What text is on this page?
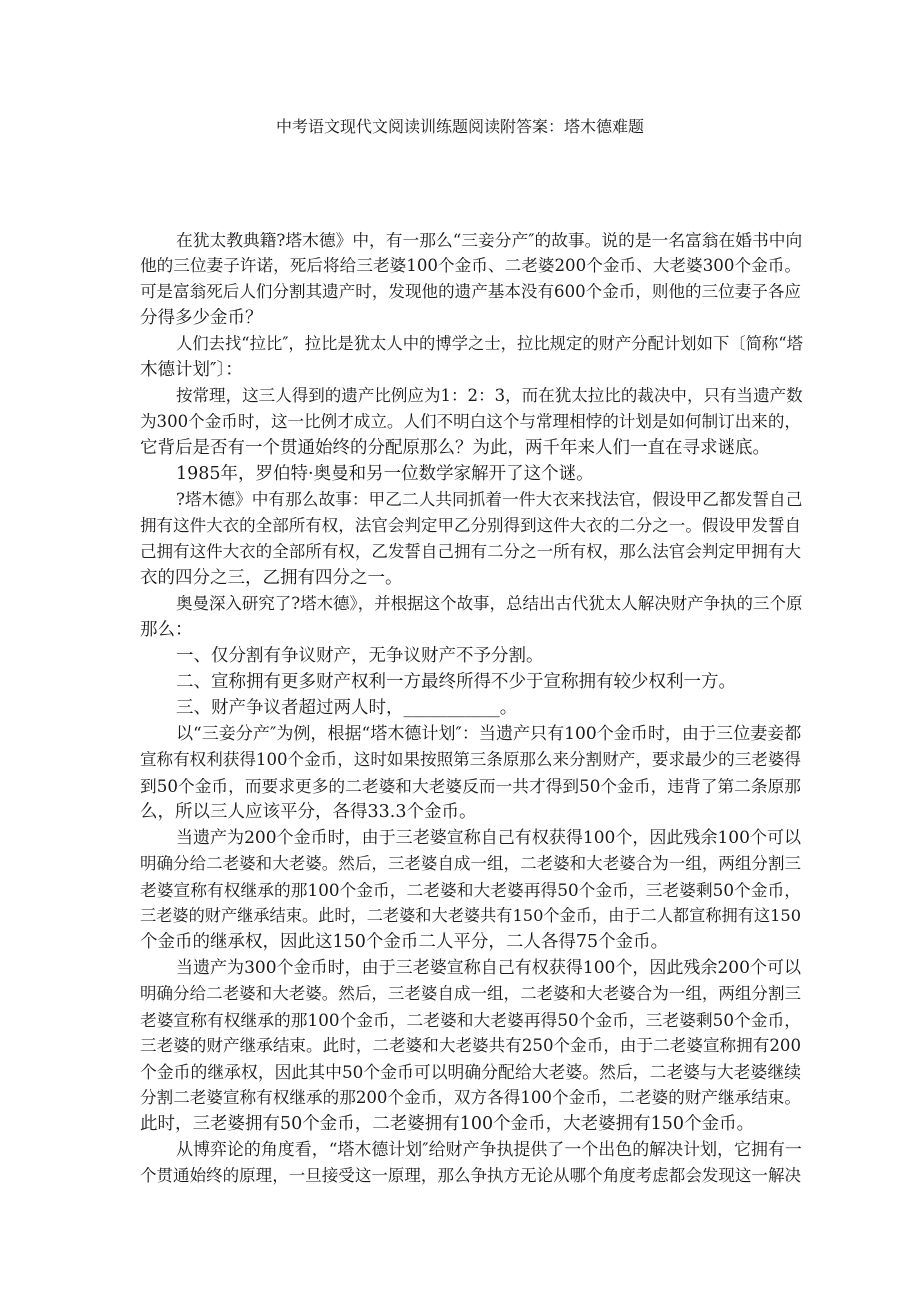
中考语文现代文阅读训练题阅读附答案：塔木德难题
在犹太教典籍?塔木德》中，有一那么“三妾分产″的故事。说的是一名富翁在婚书中向
他的三位妻子许诺，死后将给三老婆100个金币、二老婆200个金币、大老婆300个金币。
可是富翁死后人们分割其遗产时，发现他的遗产基本没有600个金币，则他的三位妻子各应
分得多少金币？
人们去找“拉比″，拉比是犹太人中的博学之士，拉比规定的财产分配计划如下〔简称“塔
木德计划″〕：
按常理，这三人得到的遗产比例应为1：2：3，而在犹太拉比的裁决中，只有当遗产数
为300个金币时，这一比例才成立。人们不明白这个与常理相悖的计划是如何制订出来的，
它背后是否有一个贯通始终的分配原那么？为此，两千年来人们一直在寻求谜底。
1985年，罗伯特·奥曼和另一位数学家解开了这个谜。
?塔木德》中有那么故事：甲乙二人共同抓着一件大衣来找法官，假设甲乙都发誓自己
拥有这件大衣的全部所有权，法官会判定甲乙分别得到这件大衣的二分之一。假设甲发誓自
己拥有这件大衣的全部所有权，乙发誓自己拥有二分之一所有权，那么法官会判定甲拥有大
衣的四分之三，乙拥有四分之一。
奥曼深入研究了?塔木德》，并根据这个故事，总结出古代犹太人解决财产争执的三个原
那么：
一、仅分割有争议财产，无争议财产不予分割。
二、宣称拥有更多财产权利一方最终所得不少于宣称拥有较少权利一方。
三、财产争议者超过两人时，___________。
以“三妾分产″为例，根据“塔木德计划″：当遗产只有100个金币时，由于三位妻妾都
宣称有权利获得100个金币，这时如果按照第三条原那么来分割财产，要求最少的三老婆得
到50个金币，而要求更多的二老婆和大老婆反而一共才得到50个金币，违背了第二条原那
么，所以三人应该平分，各得33.3个金币。
当遗产为200个金币时，由于三老婆宣称自己有权获得100个，因此残余100个可以
明确分给二老婆和大老婆。然后，三老婆自成一组，二老婆和大老婆合为一组，两组分割三
老婆宣称有权继承的那100个金币，二老婆和大老婆再得50个金币，三老婆剩50个金币，
三老婆的财产继承结束。此时，二老婆和大老婆共有150个金币，由于二人都宣称拥有这150
个金币的继承权，因此这150个金币二人平分，二人各得75个金币。
当遗产为300个金币时，由于三老婆宣称自己有权获得100个，因此残余200个可以
明确分给二老婆和大老婆。然后，三老婆自成一组，二老婆和大老婆合为一组，两组分割三
老婆宣称有权继承的那100个金币，二老婆和大老婆再得50个金币，三老婆剩50个金币，
三老婆的财产继承结束。此时，二老婆和大老婆共有250个金币，由于二老婆宣称拥有200
个金币的继承权，因此其中50个金币可以明确分配给大老婆。然后，二老婆与大老婆继续
分割二老婆宣称有权继承的那200个金币，双方各得100个金币，二老婆的财产继承结束。
此时，三老婆拥有50个金币，二老婆拥有100个金币，大老婆拥有150个金币。
从博弈论的角度看，“塔木德计划″给财产争执提供了一个出色的解决计划，它拥有一
个贯通始终的原理，一旦接受这一原理，那么争执方无论从哪个角度考虑都会发现这一解决
